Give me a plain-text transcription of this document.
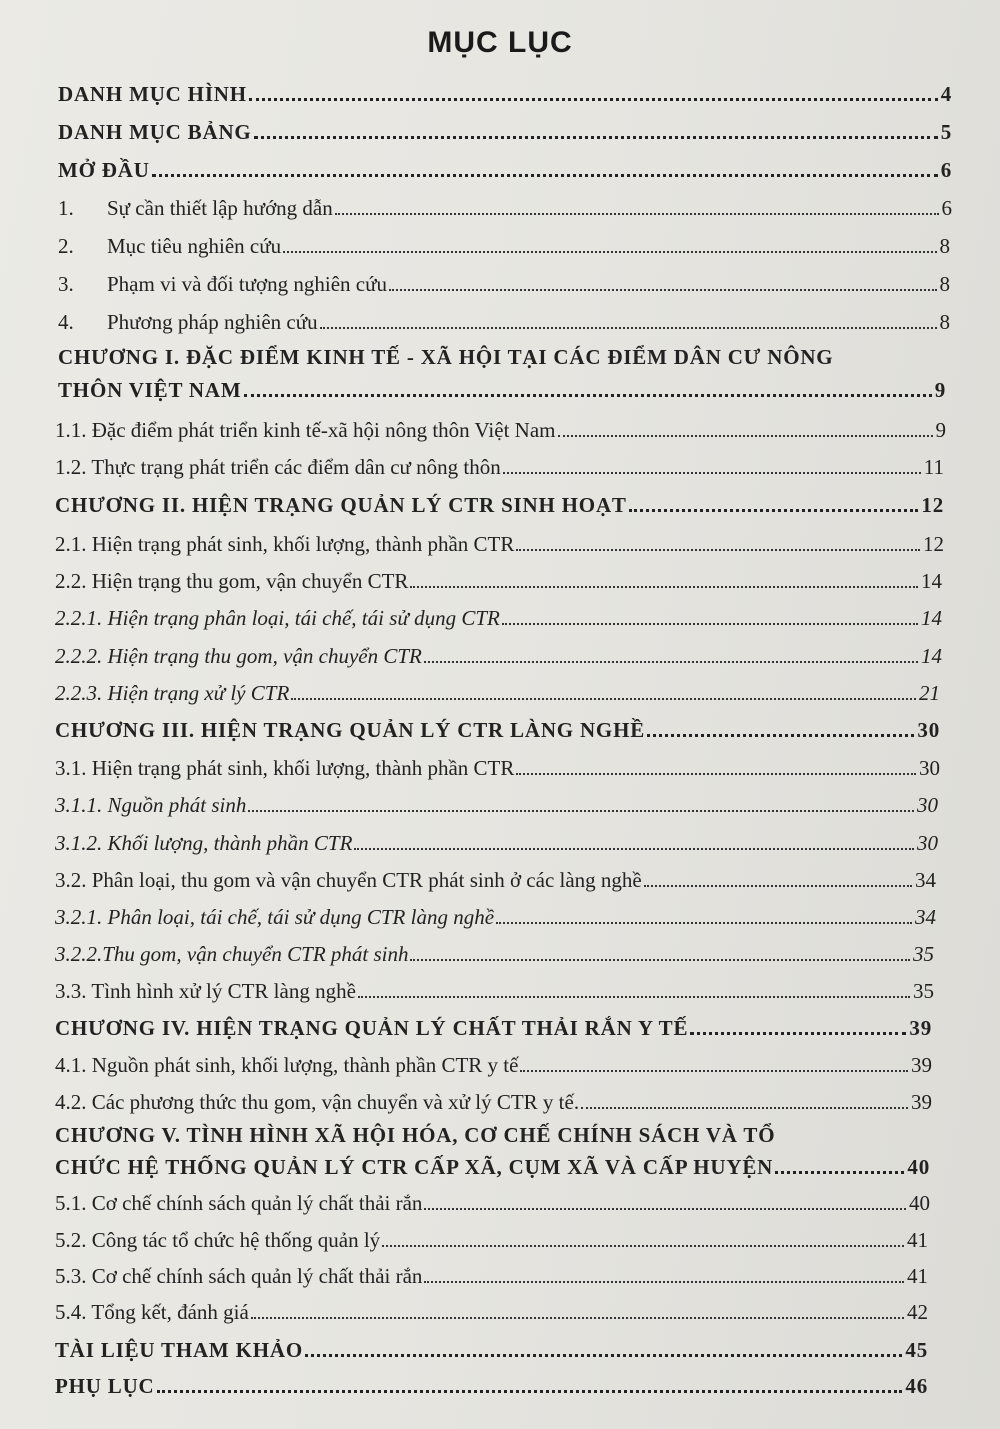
MỤC LỤC
DANH MỤC HÌNH	4
DANH MỤC BẢNG	5
MỞ ĐẦU	6
1.	Sự cần thiết lập hướng dẫn	6
2.	Mục tiêu nghiên cứu	8
3.	Phạm vi và đối tượng nghiên cứu	8
4.	Phương pháp nghiên cứu	8
CHƯƠNG I. ĐẶC ĐIỂM KINH TẾ - XÃ HỘI TẠI CÁC ĐIỂM DÂN CƯ NÔNG
THÔN VIỆT NAM	9
1.1. Đặc điểm phát triển kinh tế-xã hội nông thôn Việt Nam	9
1.2. Thực trạng phát triển các điểm dân cư nông thôn	11
CHƯƠNG II. HIỆN TRẠNG QUẢN LÝ CTR SINH HOẠT	12
2.1. Hiện trạng phát sinh, khối lượng, thành phần CTR	12
2.2. Hiện trạng thu gom, vận chuyển CTR	14
2.2.1. Hiện trạng phân loại, tái chế, tái sử dụng CTR	14
2.2.2. Hiện trạng thu gom, vận chuyển CTR	14
2.2.3. Hiện trạng xử lý CTR	21
CHƯƠNG III. HIỆN TRẠNG QUẢN LÝ CTR LÀNG NGHỀ	30
3.1. Hiện trạng phát sinh, khối lượng, thành phần CTR	30
3.1.1. Nguồn phát sinh	30
3.1.2. Khối lượng, thành phần CTR	30
3.2. Phân loại, thu gom và vận chuyển CTR phát sinh ở các làng nghề	34
3.2.1. Phân loại, tái chế, tái sử dụng CTR làng nghề	34
3.2.2.Thu gom, vận chuyển CTR phát sinh	35
3.3. Tình hình xử lý CTR làng nghề	35
CHƯƠNG IV. HIỆN TRẠNG QUẢN LÝ CHẤT THẢI RẮN Y TẾ	39
4.1. Nguồn phát sinh, khối lượng, thành phần CTR y tế	39
4.2. Các phương thức thu gom, vận chuyển và xử lý CTR y tế.	39
CHƯƠNG V. TÌNH HÌNH XÃ HỘI HÓA, CƠ CHẾ CHÍNH SÁCH VÀ TỔ
CHỨC HỆ THỐNG QUẢN LÝ CTR CẤP XÃ, CỤM XÃ VÀ CẤP HUYỆN	40
5.1. Cơ chế chính sách quản lý chất thải rắn	40
5.2. Công tác tổ chức hệ thống quản lý	41
5.3. Cơ chế chính sách quản lý chất thải rắn	41
5.4. Tổng kết, đánh giá	42
TÀI LIỆU THAM KHẢO	45
PHỤ LỤC	46
